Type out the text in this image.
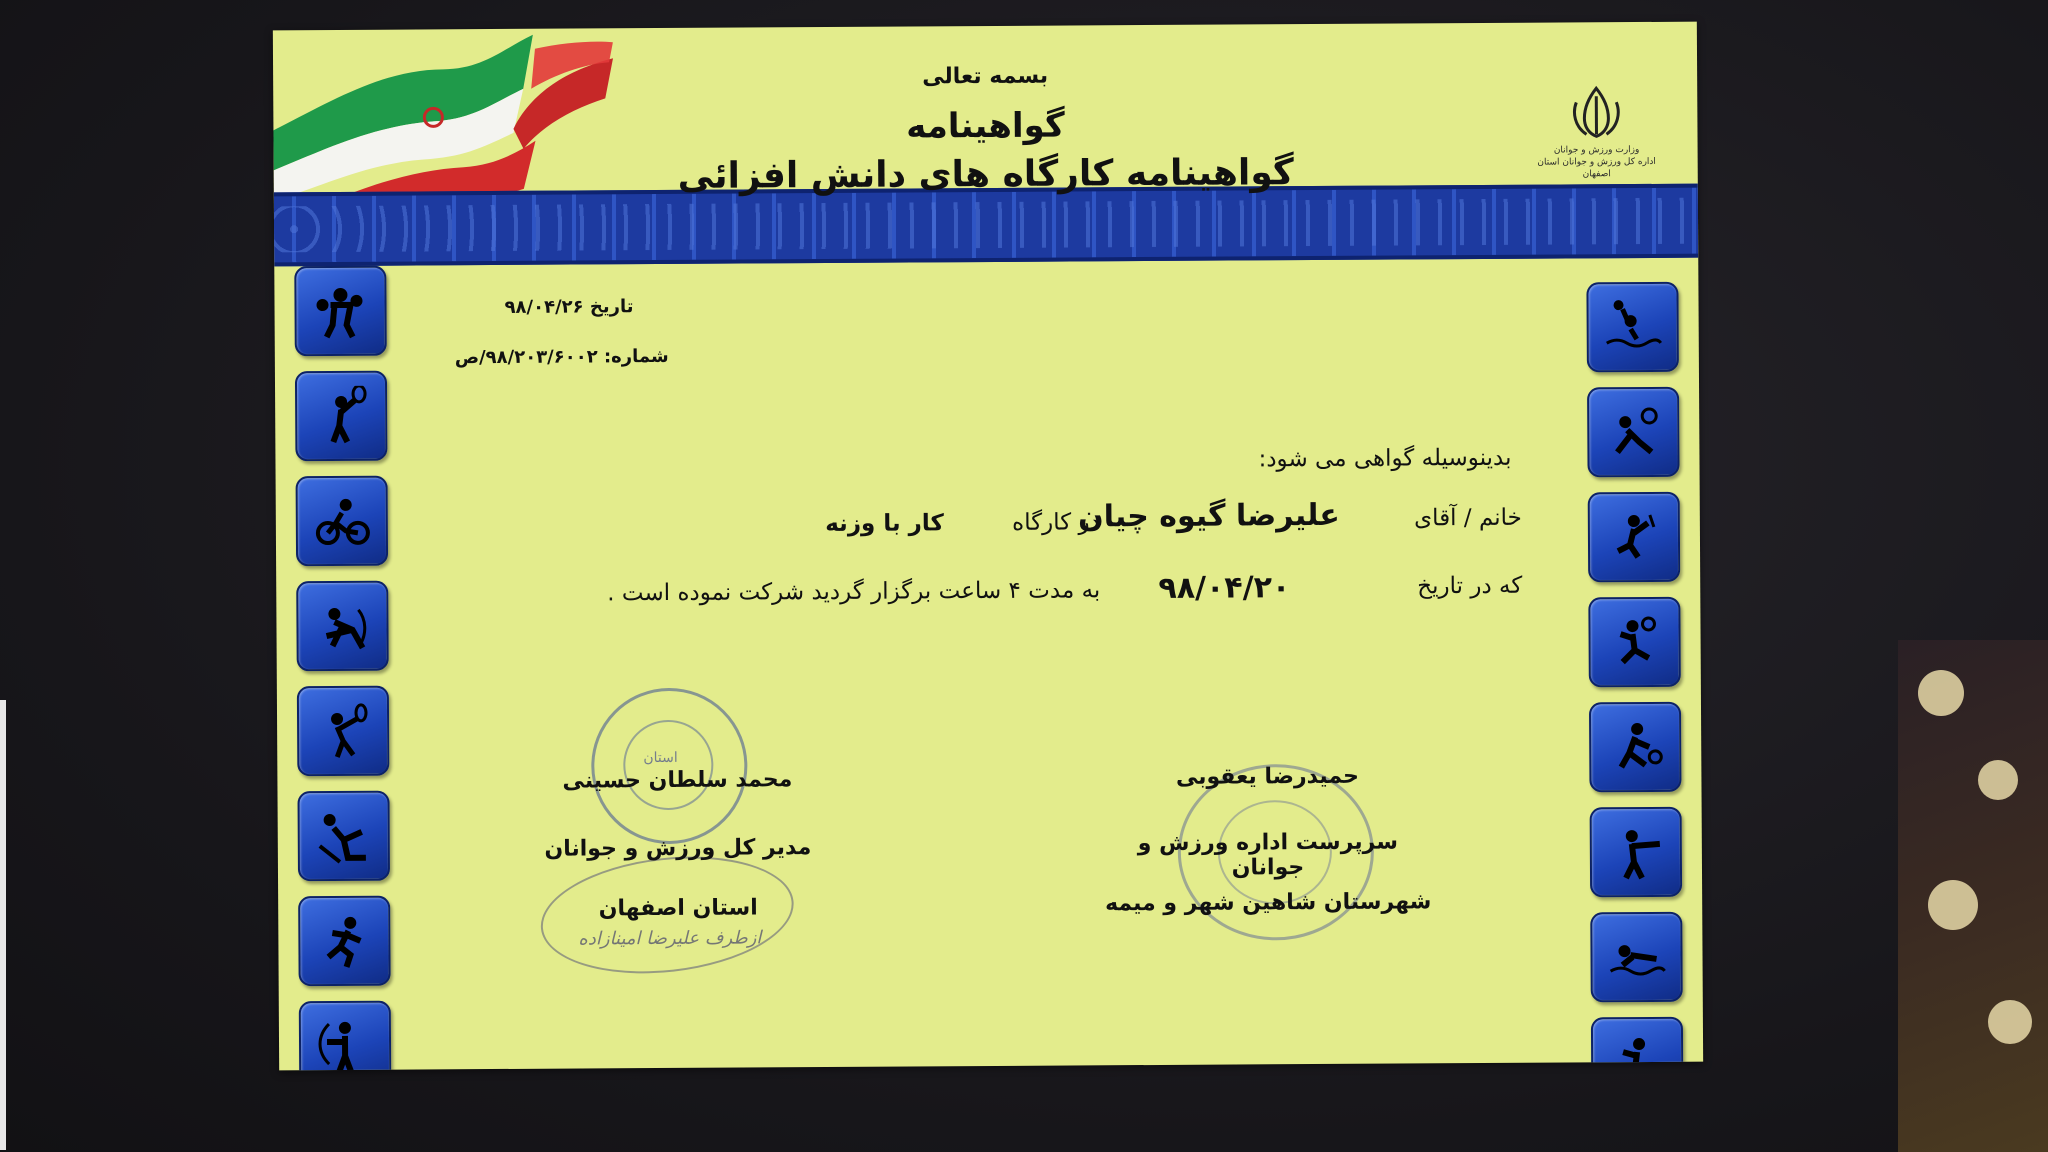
بسمه تعالی
گواهینامه
گواهینامه کارگاه های دانش افزائی
وزارت ورزش و جوانان
اداره کل ورزش و جوانان استان اصفهان
تاریخ ۹۸/۰۴/۲۶
شماره: ۹۸/۲۰۳/۶۰۰۲/ص
بدینوسیله گواهی می شود:
خانم / آقای
علیرضا گیوه چیان
در کارگاه
کار با وزنه
که در تاریخ
۹۸/۰۴/۲۰
به مدت ۴ ساعت برگزار گردید شرکت نموده است .
استان
ازطرف علیرضا امینازاده
محمد سلطان حسینی
مدیر کل ورزش و جوانان
استان اصفهان
حمیدرضا یعقوبی
سرپرست اداره ورزش و جوانان
شهرستان شاهین شهر و میمه
